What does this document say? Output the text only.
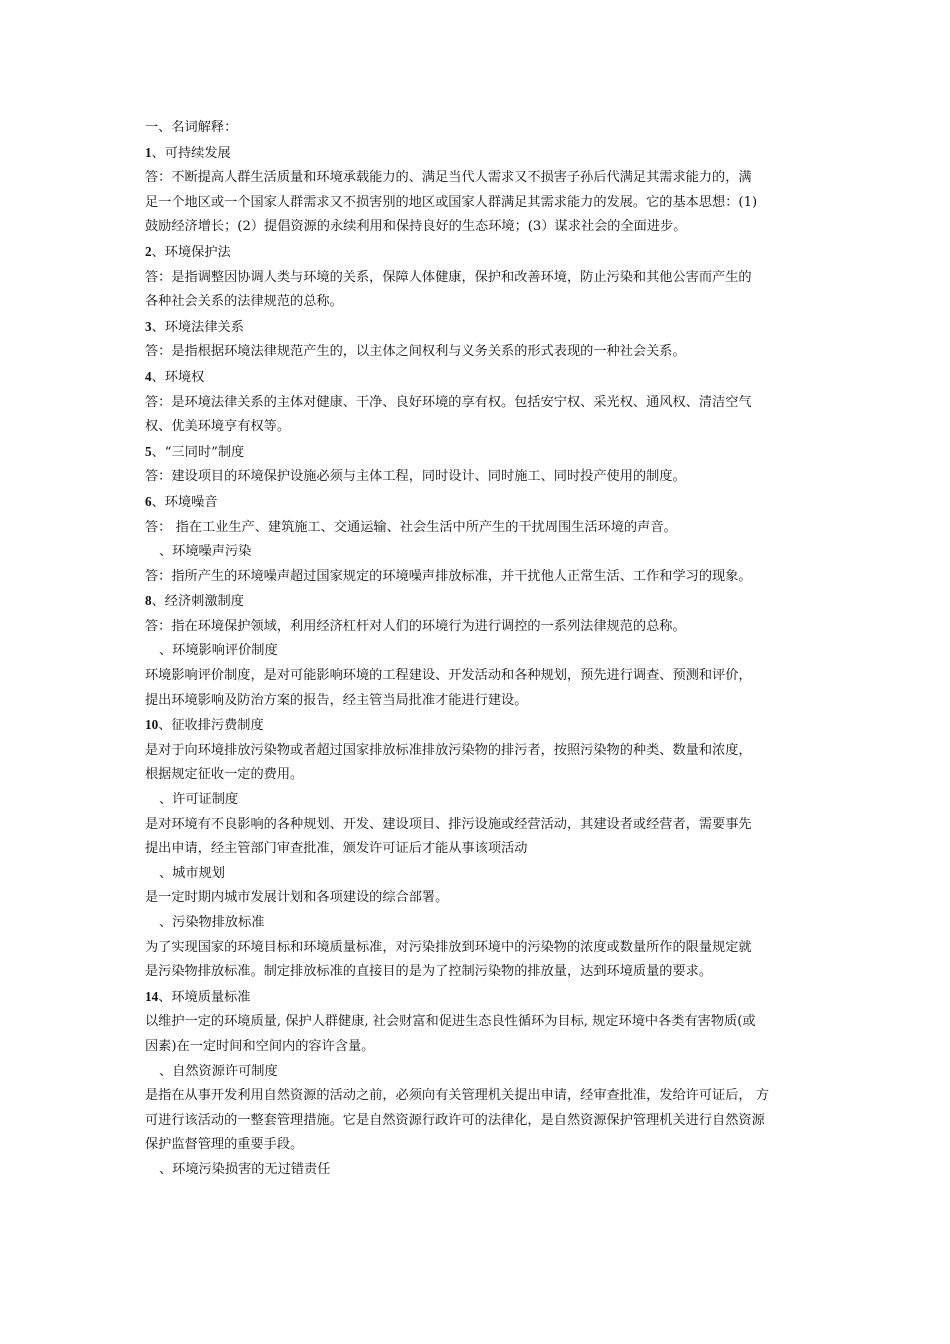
一、名词解释：
1、可持续发展
答：不断提高人群生活质量和环境承载能力的、满足当代人需求又不损害子孙后代满足其需求能力的，满
足一个地区或一个国家人群需求又不损害别的地区或国家人群满足其需求能力的发展。它的基本思想：(1)
鼓励经济增长；(2）提倡资源的永续利用和保持良好的生态环境；(3）谋求社会的全面进步。
2、环境保护法
答：是指调整因协调人类与环境的关系，保障人体健康，保护和改善环境，防止污染和其他公害而产生的
各种社会关系的法律规范的总称。
3、环境法律关系
答：是指根据环境法律规范产生的，以主体之间权利与义务关系的形式表现的一种社会关系。
4、环境权
答：是环境法律关系的主体对健康、干净、良好环境的享有权。包括安宁权、采光权、通风权、清洁空气
权、优美环境亨有权等。
5、“三同时”制度
答：建设项目的环境保护设施必须与主体工程，同时设计、同时施工、同时投产使用的制度。
6、环境噪音
答： 指在工业生产、建筑施工、交通运输、社会生活中所产生的干扰周围生活环境的声音。
、环境噪声污染
答：指所产生的环境噪声超过国家规定的环境噪声排放标准，并干扰他人正常生活、工作和学习的现象。
8、经济刺激制度
答：指在环境保护领域，利用经济杠杆对人们的环境行为进行调控的一系列法律规范的总称。
、环境影响评价制度
环境影响评价制度，是对可能影响环境的工程建设、开发活动和各种规划，预先进行调查、预测和评价，
提出环境影响及防治方案的报告，经主管当局批准才能进行建设。
10、征收排污费制度
是对于向环境排放污染物或者超过国家排放标准排放污染物的排污者，按照污染物的种类、数量和浓度，
根据规定征收一定的费用。
、许可证制度
是对环境有不良影响的各种规划、开发、建设项目、排污设施或经营活动，其建设者或经营者，需要事先
提出申请，经主管部门审查批准，颁发许可证后才能从事该项活动
、城市规划
是一定时期内城市发展计划和各项建设的综合部署。
、污染物排放标准
为了实现国家的环境目标和环境质量标准，对污染排放到环境中的污染物的浓度或数量所作的限量规定就
是污染物排放标准。制定排放标准的直接目的是为了控制污染物的排放量，达到环境质量的要求。
14、环境质量标准
以维护一定的环境质量, 保护人群健康, 社会财富和促进生态良性循环为目标, 规定环境中各类有害物质(或
因素)在一定时间和空间内的容许含量。
、自然资源许可制度
是指在从事开发利用自然资源的活动之前，必须向有关管理机关提出申请，经审查批准，发给许可证后， 方
可进行该活动的一整套管理措施。它是自然资源行政许可的法律化，是自然资源保护管理机关进行自然资源
保护监督管理的重要手段。
、环境污染损害的无过错责任
